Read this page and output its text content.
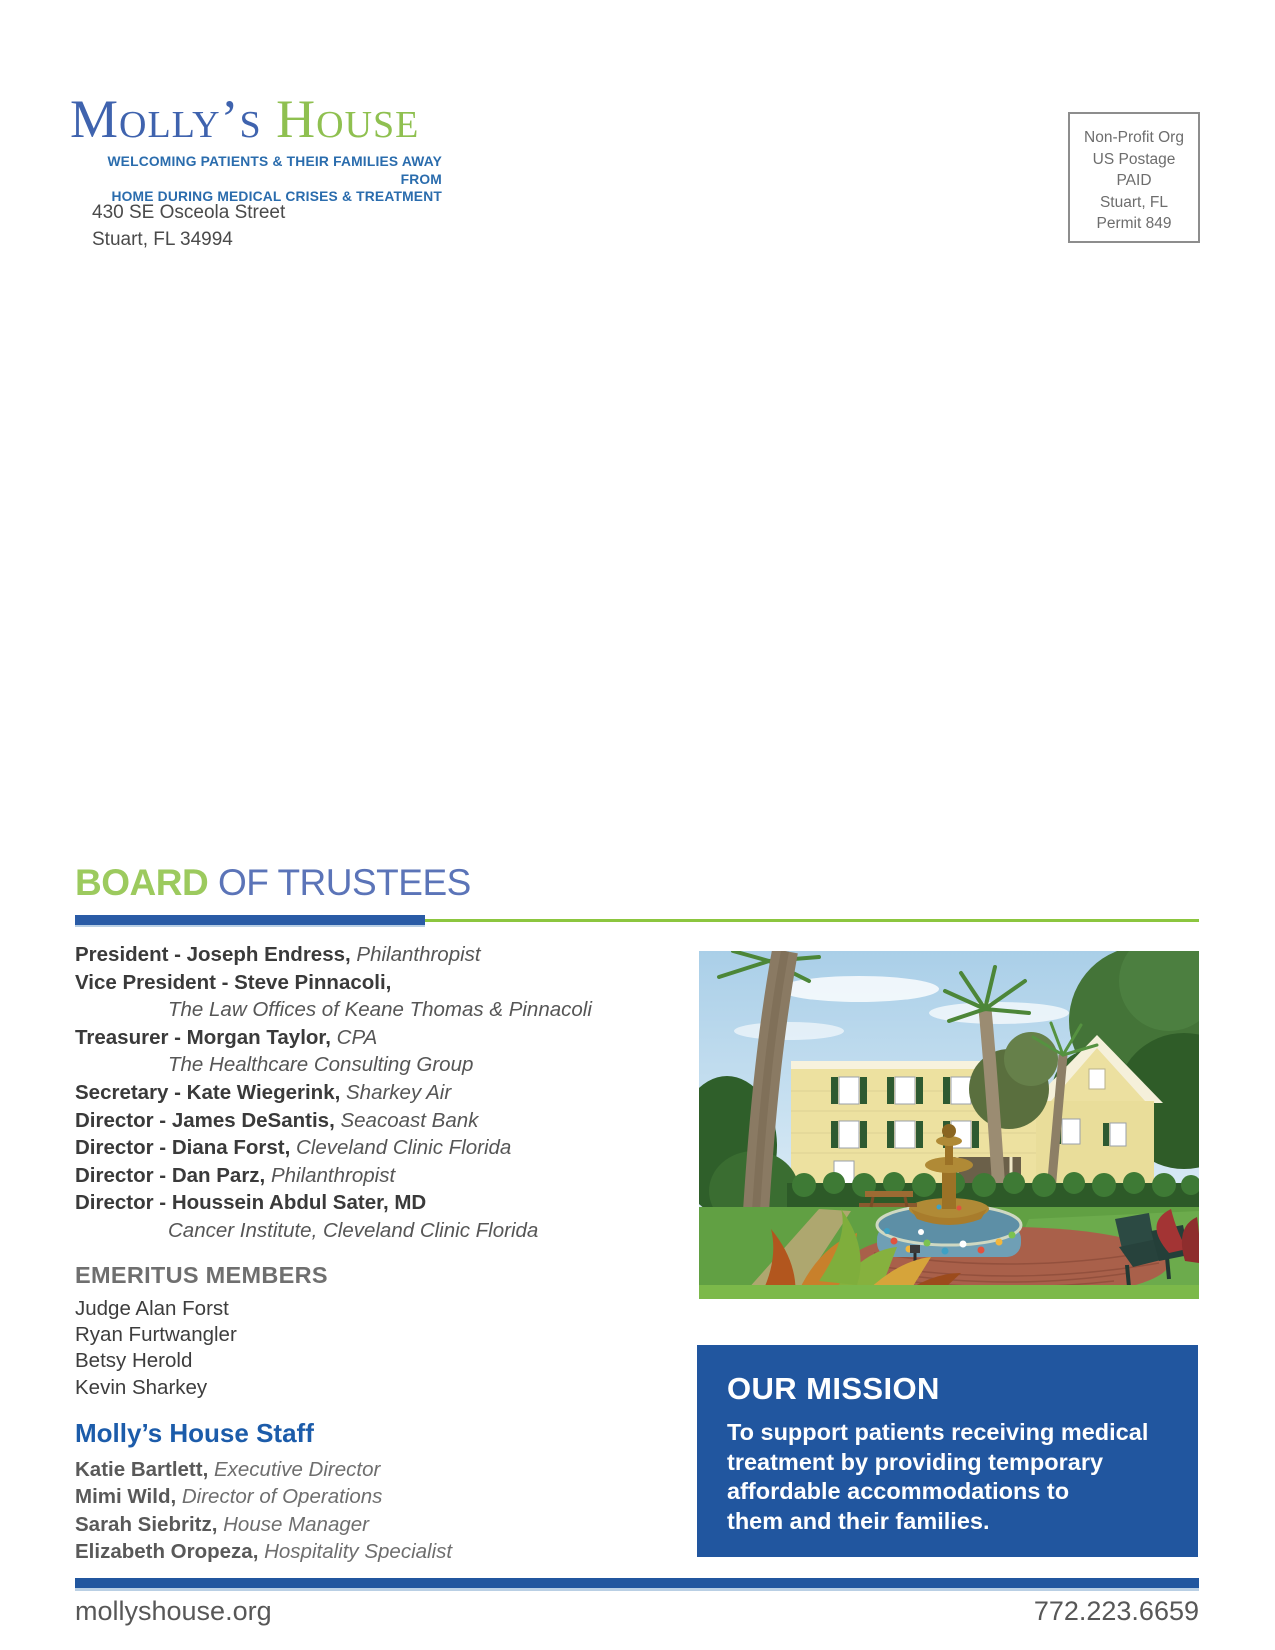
Molly’s House
WELCOMING PATIENTS & THEIR FAMILIES AWAY FROM
HOME DURING MEDICAL CRISES & TREATMENT
430 SE Osceola Street
Stuart, FL 34994
Non-Profit Org
US Postage
PAID
Stuart, FL
Permit 849
BOARD OF TRUSTEES
President - Joseph Endress, Philanthropist
Vice President - Steve Pinnacoli,
The Law Offices of Keane Thomas & Pinnacoli
Treasurer - Morgan Taylor, CPA
The Healthcare Consulting Group
Secretary - Kate Wiegerink, Sharkey Air
Director - James DeSantis, Seacoast Bank
Director - Diana Forst, Cleveland Clinic Florida
Director - Dan Parz, Philanthropist
Director - Houssein Abdul Sater, MD
Cancer Institute, Cleveland Clinic Florida
EMERITUS MEMBERS
Judge Alan Forst
Ryan Furtwangler
Betsy Herold
Kevin Sharkey
Molly’s House Staff
Katie Bartlett, Executive Director
Mimi Wild, Director of Operations
Sarah Siebritz, House Manager
Elizabeth Oropeza, Hospitality Specialist
OUR MISSION
To support patients receiving medical
treatment by providing temporary
affordable accommodations to
them and their families.
mollyshouse.org	772.223.6659
